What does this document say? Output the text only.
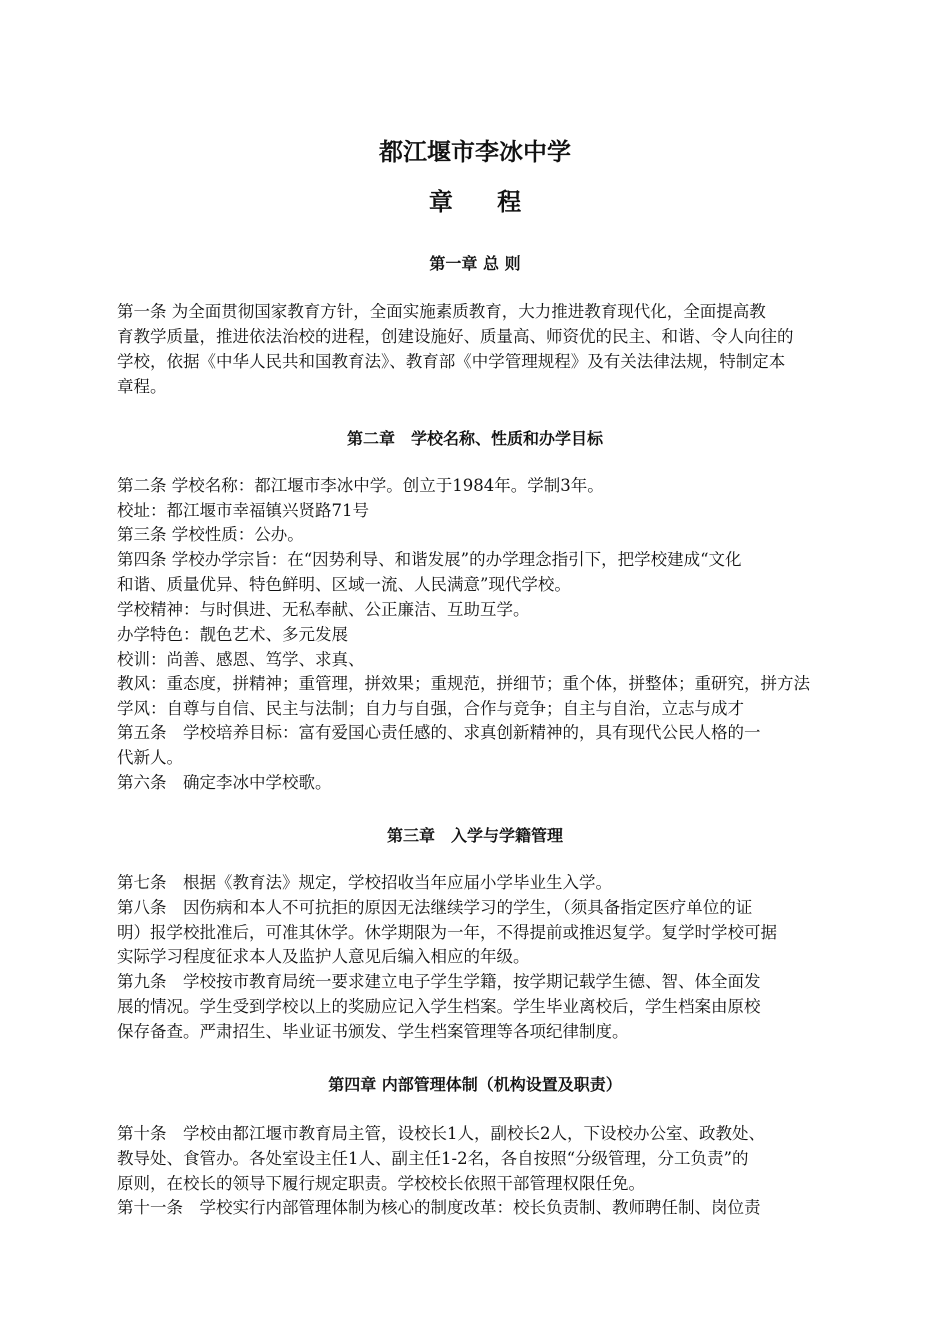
都江堰市李冰中学
章 程
第一章 总 则
第一条 为全面贯彻国家教育方针，全面实施素质教育，大力推进教育现代化，全面提高教
育教学质量，推进依法治校的进程，创建设施好、质量高、师资优的民主、和谐、令人向往的
学校，依据《中华人民共和国教育法》、教育部《中学管理规程》及有关法律法规，特制定本
章程。
第二章　学校名称、性质和办学目标
第二条 学校名称：都江堰市李冰中学。创立于1984年。学制3年。
校址：都江堰市幸福镇兴贤路71号
第三条 学校性质：公办。
第四条 学校办学宗旨：在“因势利导、和谐发展”的办学理念指引下，把学校建成“文化
和谐、质量优异、特色鲜明、区域一流、人民满意”现代学校。
学校精神：与时俱进、无私奉献、公正廉洁、互助互学。
办学特色：靓色艺术、多元发展
校训：尚善、感恩、笃学、求真、
教风：重态度，拼精神；重管理，拼效果；重规范，拼细节；重个体，拼整体；重研究，拼方法
学风：自尊与自信、民主与法制；自力与自强，合作与竞争；自主与自治，立志与成才
第五条　学校培养目标：富有爱国心责任感的、求真创新精神的，具有现代公民人格的一
代新人。
第六条　确定李冰中学校歌。
第三章　入学与学籍管理
第七条　根据《教育法》规定，学校招收当年应届小学毕业生入学。
第八条　因伤病和本人不可抗拒的原因无法继续学习的学生，（须具备指定医疗单位的证
明）报学校批准后，可准其休学。休学期限为一年，不得提前或推迟复学。复学时学校可据
实际学习程度征求本人及监护人意见后编入相应的年级。
第九条　学校按市教育局统一要求建立电子学生学籍，按学期记载学生德、智、体全面发
展的情况。学生受到学校以上的奖励应记入学生档案。学生毕业离校后，学生档案由原校
保存备查。严肃招生、毕业证书颁发、学生档案管理等各项纪律制度。
第四章 内部管理体制（机构设置及职责）
第十条　学校由都江堰市教育局主管，设校长1人，副校长2人，下设校办公室、政教处、
教导处、食管办。各处室设主任1人、副主任1-2名，各自按照“分级管理，分工负责”的
原则，在校长的领导下履行规定职责。学校校长依照干部管理权限任免。
第十一条　学校实行内部管理体制为核心的制度改革：校长负责制、教师聘任制、岗位责
